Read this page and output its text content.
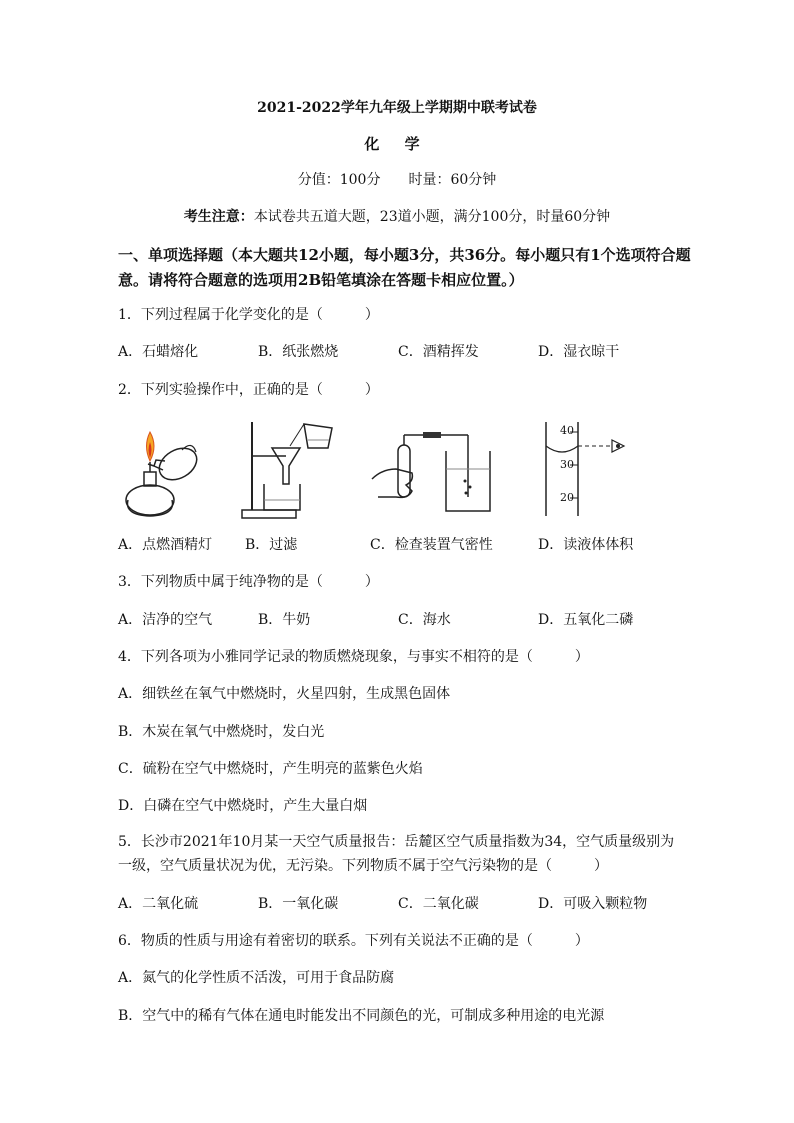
2021-2022学年九年级上学期期中联考试卷
化 学
分值：100分　　 时量：60分钟
考生注意：本试卷共五道大题，23道小题，满分100分，时量60分钟
一、单项选择题（本大题共12小题，每小题3分，共36分。每小题只有1个选项符合题
意。请将符合题意的选项用2B铅笔填涂在答题卡相应位置。）
1．下列过程属于化学变化的是（　　　）
A．石蜡熔化	B．纸张燃烧	C．酒精挥发	D．湿衣晾干
2．下列实验操作中，正确的是（　　　）
40
30
20
A．点燃酒精灯 B．过滤	C．检查装置气密性	D．读液体体积
3．下列物质中属于纯净物的是（　　　）
A．洁净的空气	B．牛奶	C．海水	D．五氧化二磷
4．下列各项为小雅同学记录的物质燃烧现象，与事实不相符的是（　　　）
A．细铁丝在氧气中燃烧时，火星四射，生成黑色固体
B．木炭在氧气中燃烧时，发白光
C．硫粉在空气中燃烧时，产生明亮的蓝紫色火焰
D．白磷在空气中燃烧时，产生大量白烟
5．长沙市2021年10月某一天空气质量报告：岳麓区空气质量指数为34，空气质量级别为
一级，空气质量状况为优，无污染。下列物质不属于空气污染物的是（　　　）
A．二氧化硫	B．一氧化碳	C．二氧化碳	D．可吸入颗粒物
6．物质的性质与用途有着密切的联系。下列有关说法不正确的是（　　　）
A．氮气的化学性质不活泼，可用于食品防腐
B．空气中的稀有气体在通电时能发出不同颜色的光，可制成多种用途的电光源
